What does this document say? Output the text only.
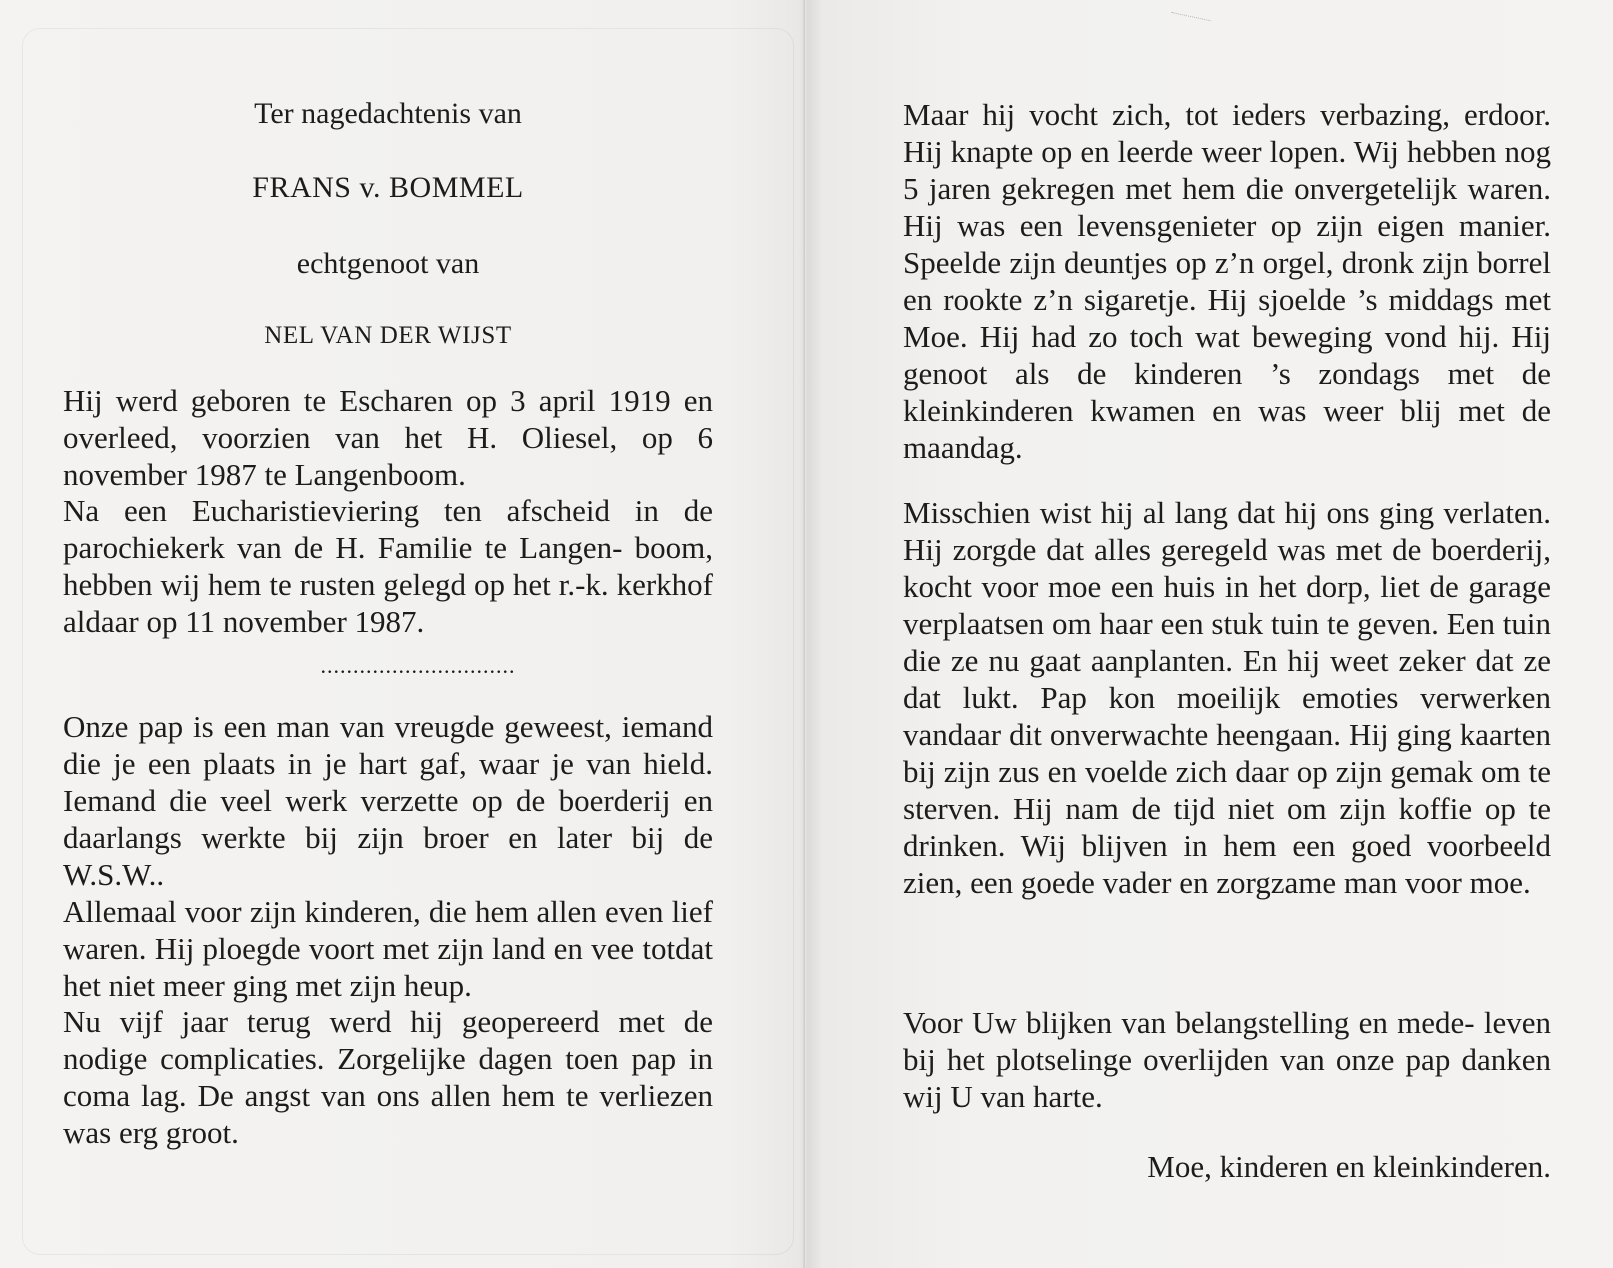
Ter nagedachtenis van

FRANS v. BOMMEL

echtgenoot van

NEL VAN DER WIJST

Hij werd geboren te Escharen op 3 april 1919 en overleed, voorzien van het H. Oliesel, op 6 november 1987 te Langenboom.

Na een Eucharistieviering ten afscheid in de parochiekerk van de H. Familie te Langen- boom, hebben wij hem te rusten gelegd op het r.-k. kerkhof aldaar op 11 november 1987.

..............................

Onze pap is een man van vreugde geweest, iemand die je een plaats in je hart gaf, waar je van hield. Iemand die veel werk verzette op de boerderij en daarlangs werkte bij zijn broer en later bij de W.S.W..

Allemaal voor zijn kinderen, die hem allen even lief waren. Hij ploegde voort met zijn land en vee totdat het niet meer ging met zijn heup.

Nu vijf jaar terug werd hij geopereerd met de nodige complicaties. Zorgelijke dagen toen pap in coma lag. De angst van ons allen hem te verliezen was erg groot.

Maar hij vocht zich, tot ieders verbazing, erdoor. Hij knapte op en leerde weer lopen. Wij hebben nog 5 jaren gekregen met hem die onvergetelijk waren. Hij was een levensgenieter op zijn eigen manier. Speelde zijn deuntjes op z’n orgel, dronk zijn borrel en rookte z’n sigaretje. Hij sjoelde ’s middags met Moe. Hij had zo toch wat beweging vond hij. Hij genoot als de kinderen ’s zondags met de kleinkinderen kwamen en was weer blij met de maandag.

Misschien wist hij al lang dat hij ons ging verlaten. Hij zorgde dat alles geregeld was met de boerderij, kocht voor moe een huis in het dorp, liet de garage verplaatsen om haar een stuk tuin te geven. Een tuin die ze nu gaat aanplanten. En hij weet zeker dat ze dat lukt. Pap kon moeilijk emoties verwerken vandaar dit onverwachte heengaan. Hij ging kaarten bij zijn zus en voelde zich daar op zijn gemak om te sterven. Hij nam de tijd niet om zijn koffie op te drinken. Wij blijven in hem een goed voorbeeld zien, een goede vader en zorgzame man voor moe.

Voor Uw blijken van belangstelling en mede- leven bij het plotselinge overlijden van onze pap danken wij U van harte.

Moe, kinderen en kleinkinderen.
